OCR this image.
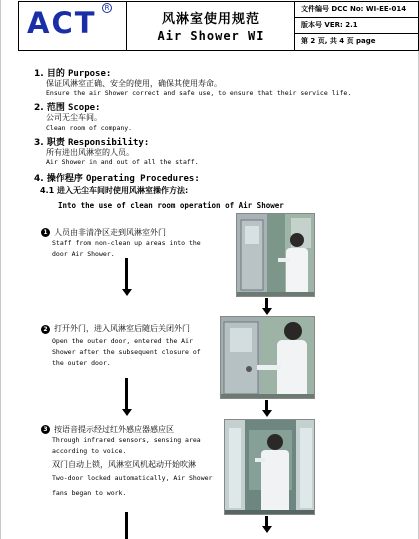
ACT	R
风淋室使用规范
Air Shower WI
文件编号 DCC No: WI-EE-014
版本号 VER: 2.1
第 2 页, 共 4 页 page
1. 目的 Purpose:
保证风淋室正确、安全的使用，确保其使用寿命。
Ensure the air Shower correct and safe use, to ensure that their service life.
2. 范围 Scope:
公司无尘车间。
Clean room of company.
3. 职责 Responsibility:
所有进出风淋室的人员。
Air Shower in and out of all the staff.
4. 操作程序 Operating Procedures:
4.1 进入无尘车间时使用风淋室操作方法:
Into the use of clean room operation of Air Shower
1 人员由非清净区走到风淋室外门
Staff from non-clean up areas into the
door Air Shower.
2 打开外门，进入风淋室后随后关闭外门
Open the outer door, entered the Air
Shower after the subsequent closure of
the outer door.
3 按语音提示经过红外感应器感应区
Through infrared sensors, sensing area
according to voice.
双门自动上锁，风淋室风机起动开始吹淋
Two-door locked automatically, Air Shower
fans began to work.
